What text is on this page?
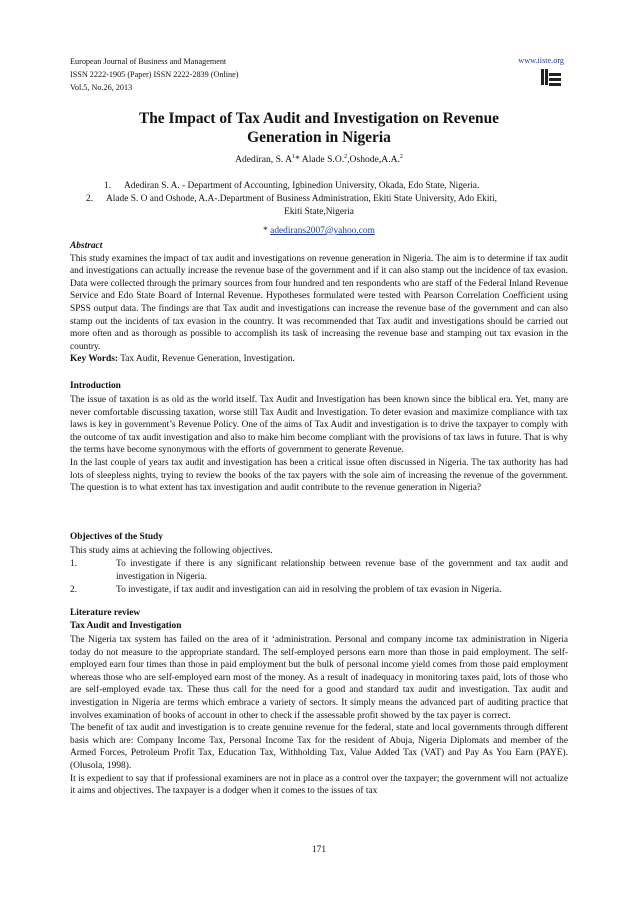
European Journal of Business and Management
ISSN 2222-1905 (Paper) ISSN 2222-2839 (Online)
Vol.5, No.26, 2013
www.iiste.org
The Impact of Tax Audit and Investigation on Revenue
Generation in Nigeria
Adediran, S. $A^1*$ Alade S.O.$^2$,Oshode,A.A.$^2$
1. Adediran S. A. - Department of Accounting, Igbinedion University, Okada, Edo State, Nigeria.
2. Alade S. O and Oshode, A.A-.Department of Business Administration, Ekiti State University, Ado Ekiti,
Ekiti State,Nigeria
* adedirans2007@yahoo.com
Abstract
This study examines the impact of tax audit and investigations on revenue generation in Nigeria. The aim is to determine if tax audit and investigations can actually increase the revenue base of the government and if it can also stamp out the incidence of tax evasion. Data were collected through the primary sources from four hundred and ten respondents who are staff of the Federal Inland Revenue Service and Edo State Board of Internal Revenue. Hypotheses formulated were tested with Pearson Correlation Coefficient using SPSS output data. The findings are that Tax audit and investigations can increase the revenue base of the government and can also stamp out the incidents of tax evasion in the country. It was recommended that Tax audit and investigations should be carried out more often and as thorough as possible to accomplish its task of increasing the revenue base and stamping out tax evasion in the country.
Key Words: Tax Audit, Revenue Generation, Investigation.
Introduction
The issue of taxation is as old as the world itself. Tax Audit and Investigation has been known since the biblical era. Yet, many are never comfortable discussing taxation, worse still Tax Audit and Investigation. To deter evasion and maximize compliance with tax laws is key in government’s Revenue Policy. One of the aims of Tax Audit and investigation is to drive the taxpayer to comply with the outcome of tax audit investigation and also to make him become compliant with the provisions of tax laws in future. That is why the terms have become synonymous with the efforts of government to generate Revenue.
In the last couple of years tax audit and investigation has been a critical issue often discussed in Nigeria. The tax authority has had lots of sleepless nights, trying to review the books of the tax payers with the sole aim of increasing the revenue of the government. The question is to what extent has tax investigation and audit contribute to the revenue generation in Nigeria?
Objectives of the Study
This study aims at achieving the following objectives.
1.	To investigate if there is any significant relationship between revenue base of the government and tax audit and investigation in Nigeria.
2.	To investigate, if tax audit and investigation can aid in resolving the problem of tax evasion in Nigeria.
Literature review
Tax Audit and Investigation
The Nigeria tax system has failed on the area of it ‘administration. Personal and company income tax administration in Nigeria today do not measure to the appropriate standard. The self-employed persons earn more than those in paid employment. The self-employed earn four times than those in paid employment but the bulk of personal income yield comes from those paid employment whereas those who are self-employed earn most of the money. As a result of inadequacy in monitoring taxes paid, lots of those who are self-employed evade tax. These thus call for the need for a good and standard tax audit and investigation. Tax audit and investigation in Nigeria are terms which embrace a variety of sectors. It simply means the advanced part of auditing practice that involves examination of books of account in other to check if the assessable profit showed by the tax payer is correct.
The benefit of tax audit and investigation is to create genuine revenue for the federal, state and local governments through different basis which are: Company Income Tax, Personal Income Tax for the resident of Abuja, Nigeria Diplomats and member of the Armed Forces, Petroleum Profit Tax, Education Tax, Withholding Tax, Value Added Tax (VAT) and Pay As You Earn (PAYE). (Olusola, 1998).
It is expedient to say that if professional examiners are not in place as a control over the taxpayer; the government will not actualize it aims and objectives. The taxpayer is a dodger when it comes to the issues of tax
171
